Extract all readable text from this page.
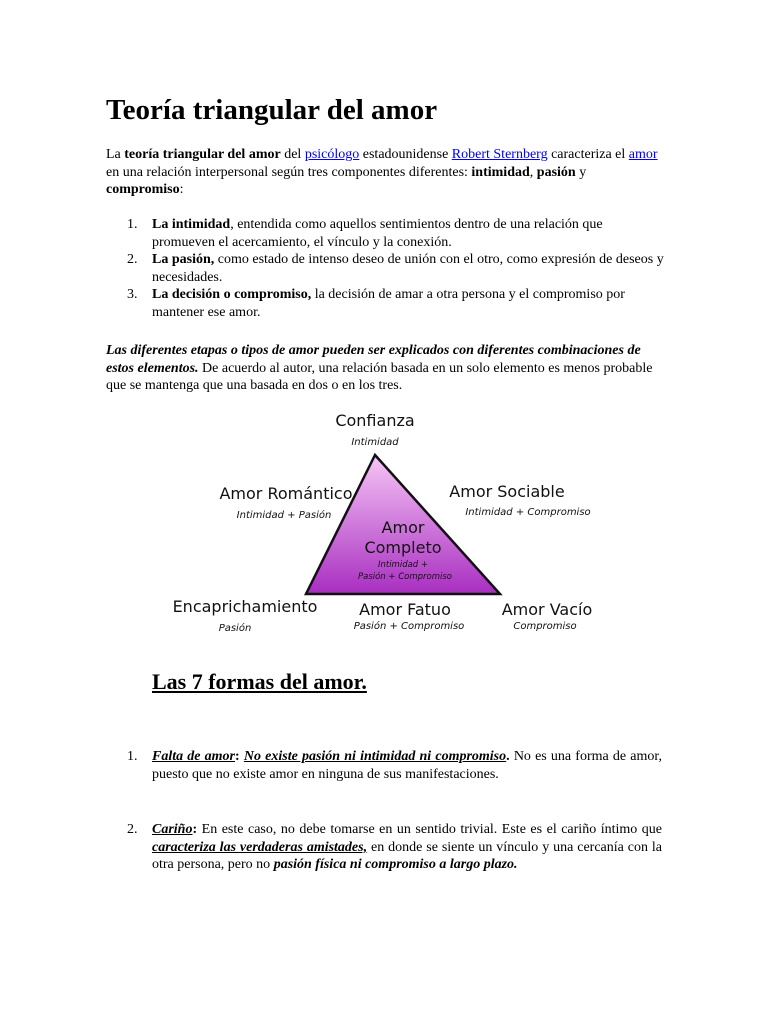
Teoría triangular del amor

La teoría triangular del amor del psicólogo estadounidense Robert Sternberg caracteriza el amor en una relación interpersonal según tres componentes diferentes: intimidad, pasión y compromiso:

1. La intimidad, entendida como aquellos sentimientos dentro de una relación que promueven el acercamiento, el vínculo y la conexión.
2. La pasión, como estado de intenso deseo de unión con el otro, como expresión de deseos y necesidades.
3. La decisión o compromiso, la decisión de amar a otra persona y el compromiso por mantener ese amor.

Las diferentes etapas o tipos de amor pueden ser explicados con diferentes combinaciones de estos elementos. De acuerdo al autor, una relación basada en un solo elemento es menos probable que se mantenga que una basada en dos o en los tres.

Confianza
Intimidad
Amor Romántico
Intimidad + Pasión
Amor Sociable
Intimidad + Compromiso
Amor
Completo
Intimidad +
Pasión + Compromiso
Encaprichamiento
Pasión
Amor Fatuo
Pasión + Compromiso
Amor Vacío
Compromiso
Las 7 formas del amor.
1. Falta de amor: No existe pasión ni intimidad ni compromiso. No es una forma de amor, puesto que no existe amor en ninguna de sus manifestaciones.
2. Cariño: En este caso, no debe tomarse en un sentido trivial. Este es el cariño íntimo que caracteriza las verdaderas amistades, en donde se siente un vínculo y una cercanía con la otra persona, pero no pasión física ni compromiso a largo plazo.
